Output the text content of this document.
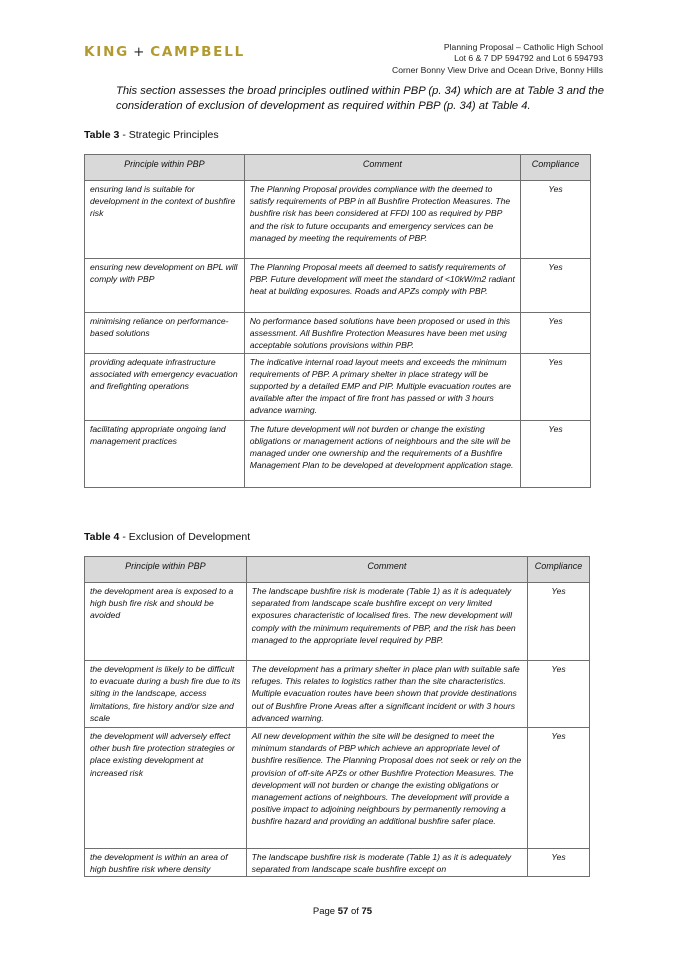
KING + CAMPBELL	Planning Proposal – Catholic High School
Lot 6 & 7 DP 594792 and Lot 6 594793
Corner Bonny View Drive and Ocean Drive, Bonny Hills
This section assesses the broad principles outlined within PBP (p. 34) which are at Table 3 and the consideration of exclusion of development as required within PBP (p. 34) at Table 4.
Table 3 - Strategic Principles
Principle within PBP	Comment	Compliance
ensuring land is suitable for development in the context of bushfire risk	The Planning Proposal provides compliance with the deemed to satisfy requirements of PBP in all Bushfire Protection Measures. The bushfire risk has been considered at FFDI 100 as required by PBP and the risk to future occupants and emergency services can be managed by meeting the requirements of PBP.	Yes
ensuring new development on BPL will comply with PBP	The Planning Proposal meets all deemed to satisfy requirements of PBP. Future development will meet the standard of <10kW/m2 radiant heat at building exposures. Roads and APZs comply with PBP.	Yes
minimising reliance on performance-based solutions	No performance based solutions have been proposed or used in this assessment. All Bushfire Protection Measures have been met using acceptable solutions provisions within PBP.	Yes
providing adequate infrastructure associated with emergency evacuation and firefighting operations	The indicative internal road layout meets and exceeds the minimum requirements of PBP. A primary shelter in place strategy will be supported by a detailed EMP and PIP. Multiple evacuation routes are available after the impact of fire front has passed or with 3 hours advance warning.	Yes
facilitating appropriate ongoing land management practices	The future development will not burden or change the existing obligations or management actions of neighbours and the site will be managed under one ownership and the requirements of a Bushfire Management Plan to be developed at development application stage.	Yes
Table 4 - Exclusion of Development
Principle within PBP	Comment	Compliance
the development area is exposed to a high bush fire risk and should be avoided	The landscape bushfire risk is moderate (Table 1) as it is adequately separated from landscape scale bushfire except on very limited exposures characteristic of localised fires. The new development will comply with the minimum requirements of PBP, and the risk has been managed to the appropriate level required by PBP.	Yes
the development is likely to be difficult to evacuate during a bush fire due to its siting in the landscape, access limitations, fire history and/or size and scale	The development has a primary shelter in place plan with suitable safe refuges. This relates to logistics rather than the site characteristics. Multiple evacuation routes have been shown that provide destinations out of Bushfire Prone Areas after a significant incident or with 3 hours advanced warning.	Yes
the development will adversely effect other bush fire protection strategies or place existing development at increased risk	All new development within the site will be designed to meet the minimum standards of PBP which achieve an appropriate level of bushfire resilience. The Planning Proposal does not seek or rely on the provision of off-site APZs or other Bushfire Protection Measures. The development will not burden or change the existing obligations or management actions of neighbours. The development will provide a positive impact to adjoining neighbours by permanently removing a bushfire hazard and providing an additional bushfire safer place.	Yes
the development is within an area of high bushfire risk where density	The landscape bushfire risk is moderate (Table 1) as it is adequately separated from landscape scale bushfire except on	Yes
Page 57 of 75
